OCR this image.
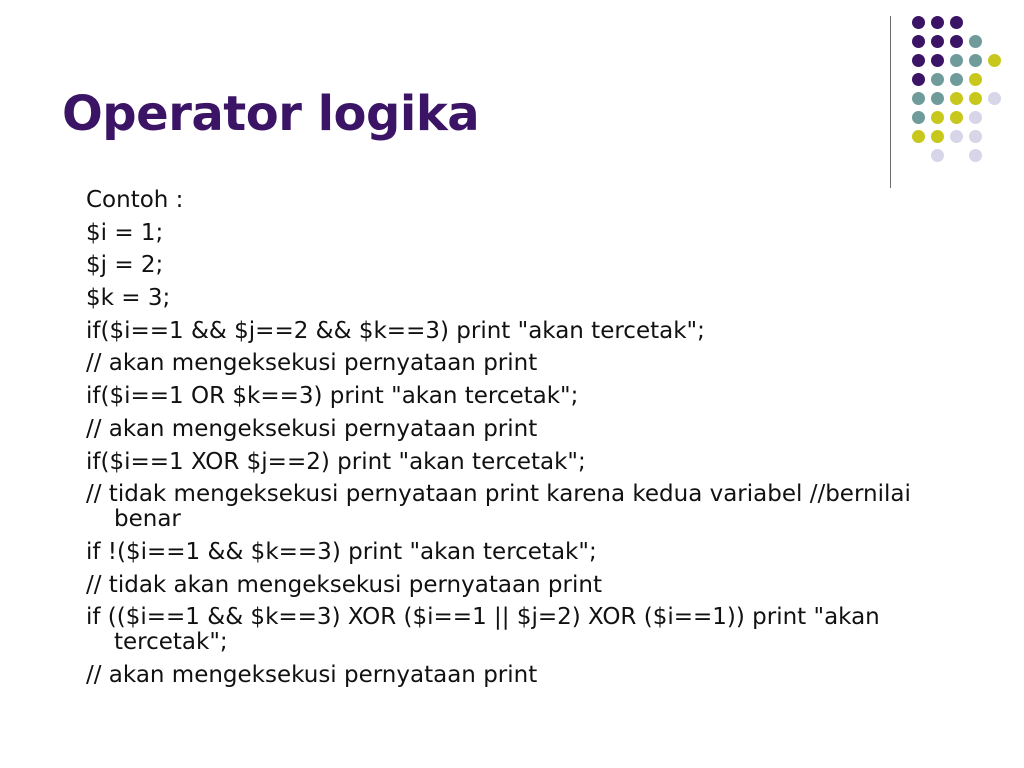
Operator logika
Contoh :
$i = 1;
$j = 2;
$k = 3;
if($i==1 && $j==2 && $k==3) print "akan tercetak";
// akan mengeksekusi pernyataan print
if($i==1 OR $k==3) print "akan tercetak";
// akan mengeksekusi pernyataan print
if($i==1 XOR $j==2) print "akan tercetak";
// tidak mengeksekusi pernyataan print karena kedua variabel //bernilai benar
if !($i==1 && $k==3) print "akan tercetak";
// tidak akan mengeksekusi pernyataan print
if (($i==1 && $k==3) XOR ($i==1 || $j=2) XOR ($i==1)) print "akan tercetak";
// akan mengeksekusi pernyataan print
